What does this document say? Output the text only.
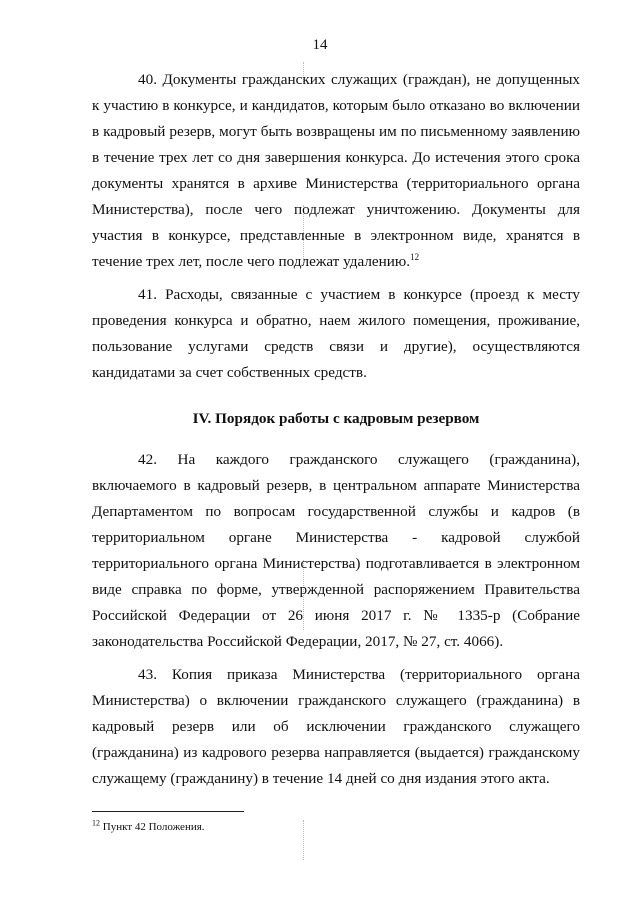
14

40. Документы гражданских служащих (граждан), не допущенных к участию в конкурсе, и кандидатов, которым было отказано во включении в кадровый резерв, могут быть возвращены им по письменному заявлению в течение трех лет со дня завершения конкурса. До истечения этого срока документы хранятся в архиве Министерства (территориального органа Министерства), после чего подлежат уничтожению. Документы для участия в конкурсе, представленные в электронном виде, хранятся в течение трех лет, после чего подлежат удалению.$^{12}$

41. Расходы, связанные с участием в конкурсе (проезд к месту проведения конкурса и обратно, наем жилого помещения, проживание, пользование услугами средств связи и другие), осуществляются кандидатами за счет собственных средств.

IV. Порядок работы с кадровым резервом

42. На каждого гражданского служащего (гражданина), включаемого в кадровый резерв, в центральном аппарате Министерства Департаментом по вопросам государственной службы и кадров (в территориальном органе Министерства - кадровой службой территориального органа Министерства) подготавливается в электронном виде справка по форме, утвержденной распоряжением Правительства Российской Федерации от 26 июня 2017 г. № 1335-р (Собрание законодательства Российской Федерации, 2017, № 27, ст. 4066).

43. Копия приказа Министерства (территориального органа Министерства) о включении гражданского служащего (гражданина) в кадровый резерв или об исключении гражданского служащего (гражданина) из кадрового резерва направляется (выдается) гражданскому служащему (гражданину) в течение 14 дней со дня издания этого акта.

$^{12}$ Пункт 42 Положения.
